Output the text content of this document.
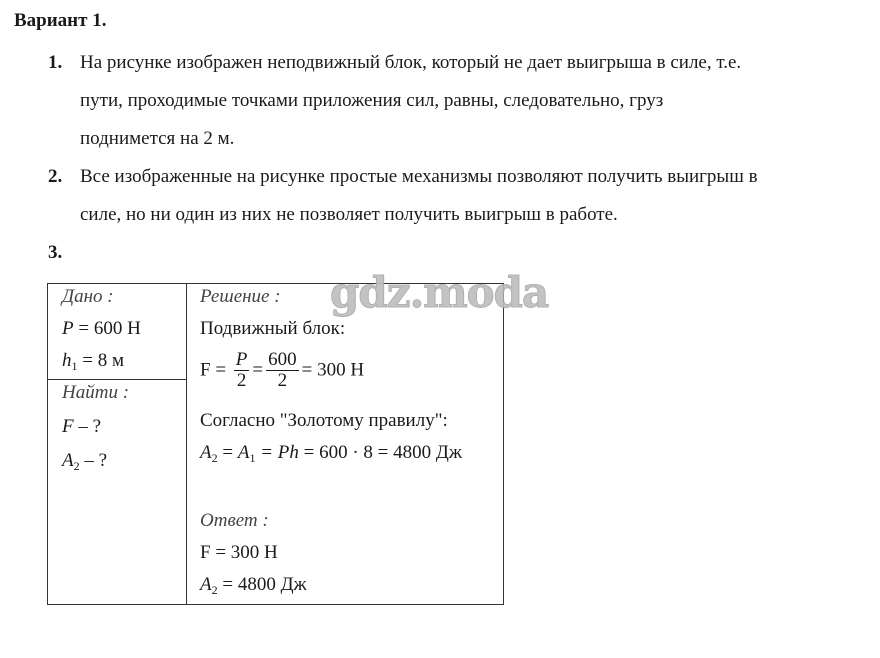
Вариант 1.
1. На рисунке изображен неподвижный блок, который не дает выигрыша в силе, т.е.
пути, проходимые точками приложения сил, равны, следовательно, груз
поднимется на 2 м.
2. Все изображенные на рисунке простые механизмы позволяют получить выигрыш в
силе, но ни один из них не позволяет получить выигрыш в работе.
3.
Дано :
P = 600 Н
$h_1 = 8$ м
Найти :
F – ?
$A_2$ – ?
Решение :
Подвижный блок:
$F = \frac{P}{2} = \frac{600}{2} = 300$ Н
Согласно "Золотому правилу":
$A_2 = A_1 = Ph = 600 \cdot 8 = 4800$ Дж
Ответ :
F = 300 Н
$A_2 = 4800$ Дж
gdz.moda
